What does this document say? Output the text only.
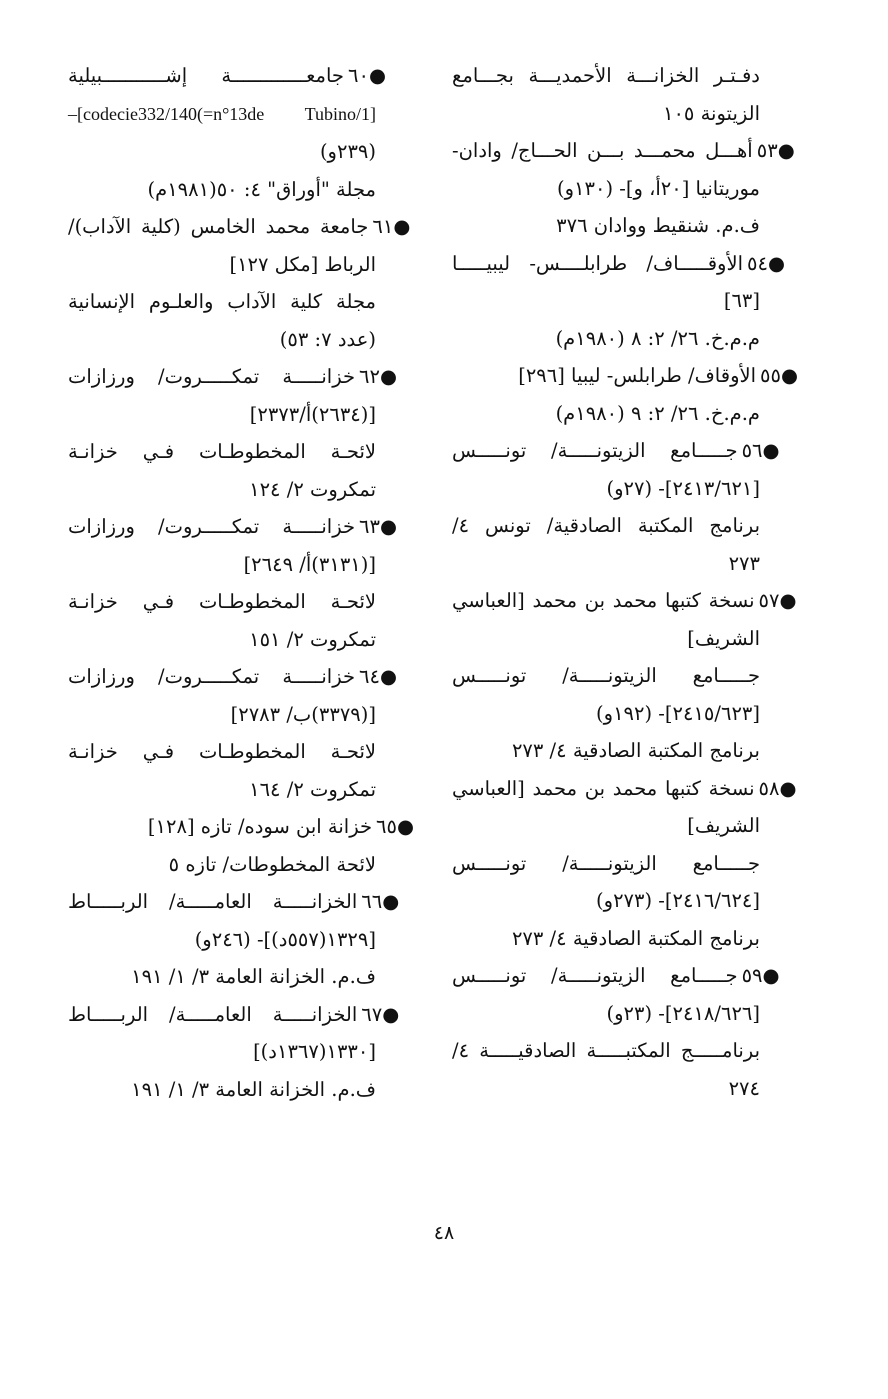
دفـتـر الخزانـــة الأحمديـــة بجـــامع
الزيتونة ١٠٥
●٥٣أهـــل محمـــد بـــن الحـــاج/ وادان-
موريتانيا [٢٠أ، و]- (١٣٠و)
ف.م. شنقيط ووادان ٣٧٦
●٥٤الأوقـــــاف/ طرابلــــس- ليبيـــــا
[٦٣]
م.م.خ. ٢٦/ ٢: ٨ (١٩٨٠م)
●٥٥الأوقاف/ طرابلس- ليبيا [٢٩٦]
م.م.خ. ٢٦/ ٢: ٩ (١٩٨٠م)
●٥٦جـــــامع الزيتونـــــة/ تونـــــس
[٢٤١٣/٦٢١]- (٢٧و)
برنامج المكتبة الصادقية/ تونس ٤/
٢٧٣
●٥٧نسخة كتبها محمد بن محمد [العباسي
الشريف]
جـــــامع الزيتونـــــة/ تونـــــس
[٢٤١٥/٦٢٣]- (١٩٢و)
برنامج المكتبة الصادقية ٤/ ٢٧٣
●٥٨نسخة كتبها محمد بن محمد [العباسي
الشريف]
جـــــامع الزيتونـــــة/ تونـــــس
[٢٤١٦/٦٢٤]- (٢٧٣و)
برنامج المكتبة الصادقية ٤/ ٢٧٣
●٥٩جـــــامع الزيتونـــــة/ تونـــــس
[٢٤١٨/٦٢٦]- (٢٣و)
برنامـــــج المكتبـــــة الصادقيـــــة ٤/
٢٧٤
●٦٠جامعـــــــــــــة إشـــــــــــبيلية
–[codecie332/140(=n°13de Tubino/1]
(٢٣٩و)
مجلة "أوراق" ٤: ٥٠(١٩٨١م)
●٦١جامعة محمد الخامس (كلية الآداب)/
الرباط [مكل ١٢٧]
مجلة كلية الآداب والعلـوم الإنسانية
(عدد ٧: ٥٣)
●٦٢خزانـــــة تمكـــــروت/ ورزازات
[(٢٦٣٤)أ/٢٣٧٣]
لائحـة المخطوطـات فـي خزانـة
تمكروت ٢/ ١٢٤
●٦٣خزانـــــة تمكـــــروت/ ورزازات
[(٣١٣١)أ/ ٢٦٤٩]
لائحـة المخطوطـات فـي خزانـة
تمكروت ٢/ ١٥١
●٦٤خزانـــــة تمكـــــروت/ ورزازات
[(٣٣٧٩)ب/ ٢٧٨٣]
لائحـة المخطوطـات فـي خزانـة
تمكروت ٢/ ١٦٤
●٦٥خزانة ابن سوده/ تازه [١٢٨]
لائحة المخطوطات/ تازه ٥
●٦٦الخزانـــــة العامـــــة/ الربـــــاط
[١٣٢٩(٥٥٧د)]- (٢٤٦و)
ف.م. الخزانة العامة ٣/ ١/ ١٩١
●٦٧الخزانـــــة العامـــــة/ الربـــــاط
[١٣٣٠(١٣٦٧د)]
ف.م. الخزانة العامة ٣/ ١/ ١٩١
٤٨
